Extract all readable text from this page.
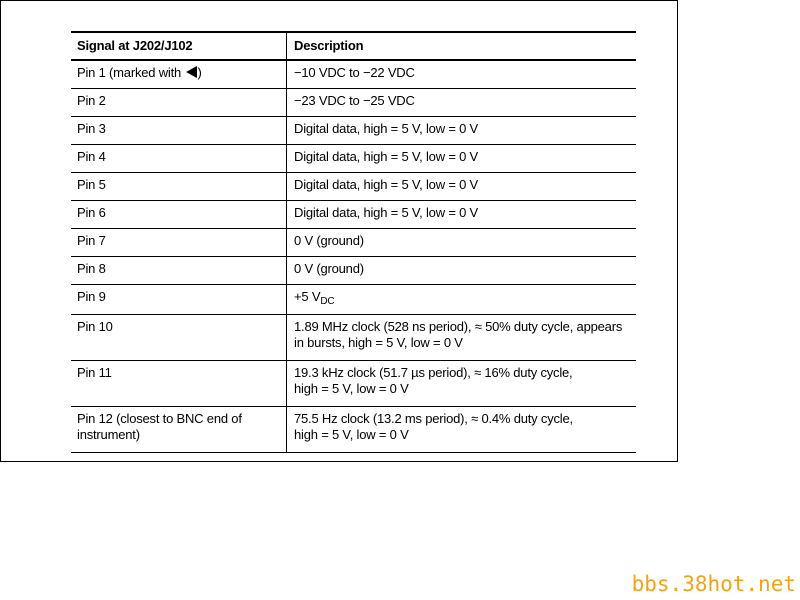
Signal at J202/J102	Description
Pin 1 (marked with )	−10 VDC to −22 VDC
Pin 2	−23 VDC to −25 VDC
Pin 3	Digital data, high = 5 V, low = 0 V
Pin 4	Digital data, high = 5 V, low = 0 V
Pin 5	Digital data, high = 5 V, low = 0 V
Pin 6	Digital data, high = 5 V, low = 0 V
Pin 7	0 V (ground)
Pin 8	0 V (ground)
Pin 9	+5 $V_{DC}$
Pin 10	1.89 MHz clock (528 ns period), ≈ 50% duty cycle, appears
in bursts, high = 5 V, low = 0 V
Pin 11	19.3 kHz clock (51.7 µs period), ≈ 16% duty cycle,
high = 5 V, low = 0 V
Pin 12 (closest to BNC end of
instrument)	75.5 Hz clock (13.2 ms period), ≈ 0.4% duty cycle,
high = 5 V, low = 0 V
bbs.38hot.net
